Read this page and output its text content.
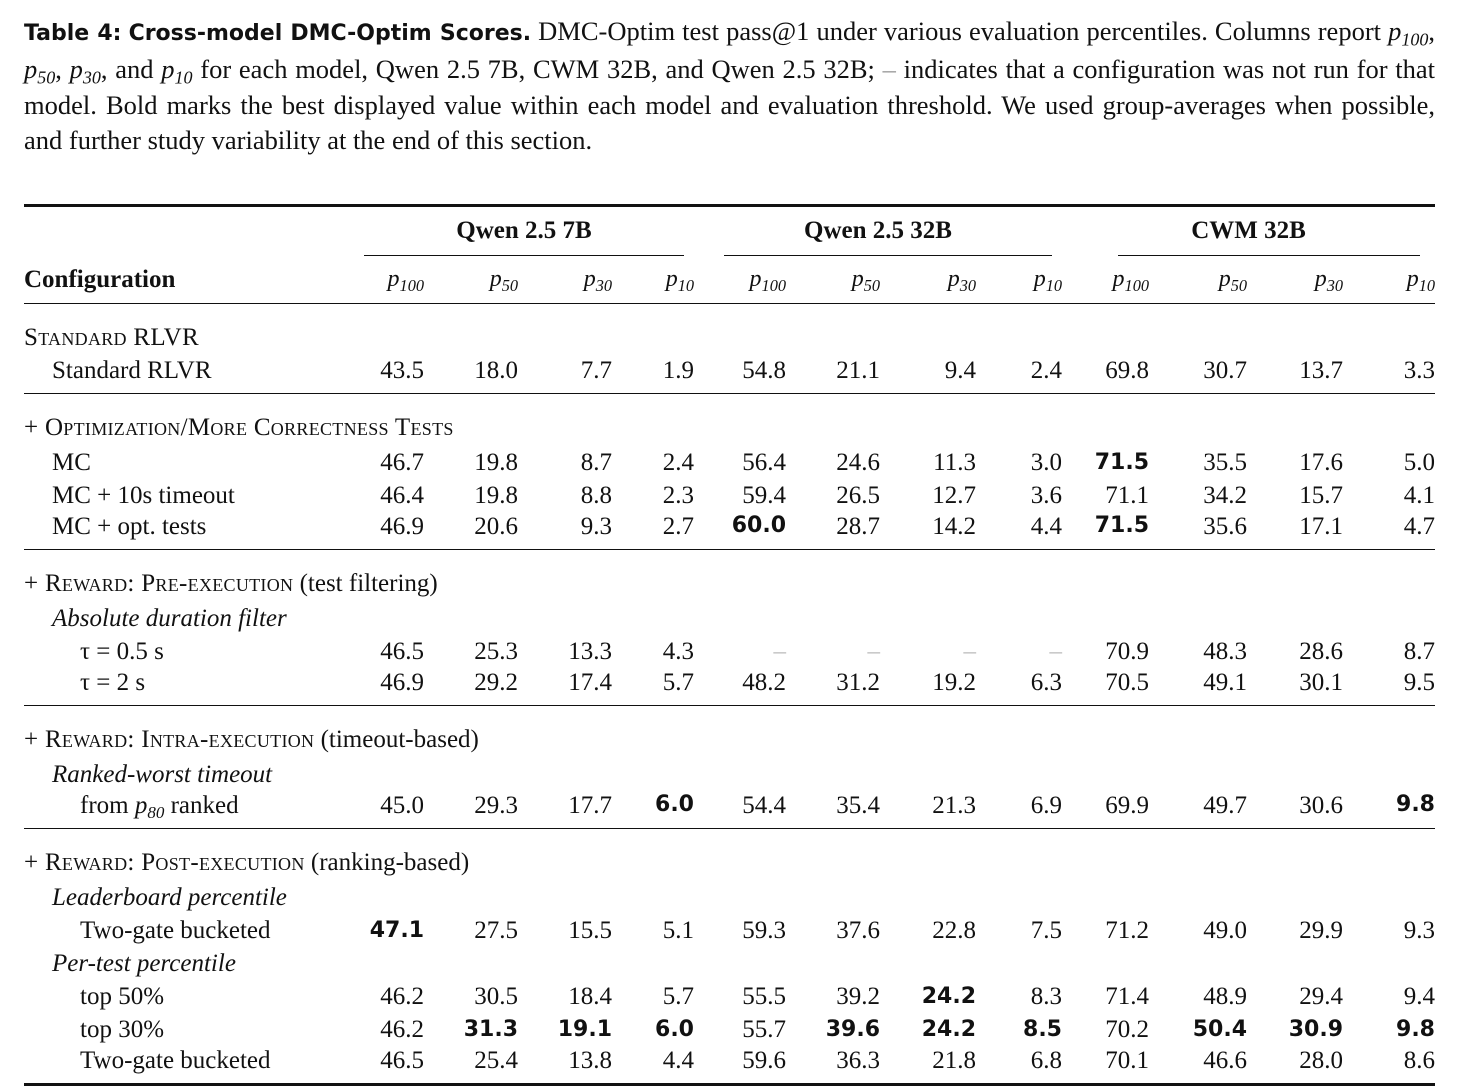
Table 4: Cross-model DMC-Optim Scores. DMC-Optim test pass@1 under various evaluation percentiles. Columns report $p_{100}$, $p_{50}$, $p_{30}$, and $p_{10}$ for each model, Qwen 2.5 7B, CWM 32B, and Qwen 2.5 32B; – indicates that a configuration was not run for that model. Bold marks the best displayed value within each model and evaluation threshold. We used group-averages when possible, and further study variability at the end of this section.

	Qwen 2.5 7B				Qwen 2.5 32B				CWM 32B			

Configuration	$p_{100}$	$p_{50}$	$p_{30}$	$p_{10}$	$p_{100}$	$p_{50}$	$p_{30}$	$p_{10}$	$p_{100}$	$p_{50}$	$p_{30}$	$p_{10}$

Standard RLVR												
Standard RLVR	43.5	18.0	7.7	1.9	54.8	21.1	9.4	2.4	69.8	30.7	13.7	3.3

+ Optimization/More Correctness Tests												
MC	46.7	19.8	8.7	2.4	56.4	24.6	11.3	3.0	71.5	35.5	17.6	5.0
MC + 10s timeout	46.4	19.8	8.8	2.3	59.4	26.5	12.7	3.6	71.1	34.2	15.7	4.1
MC + opt. tests	46.9	20.6	9.3	2.7	60.0	28.7	14.2	4.4	71.5	35.6	17.1	4.7

+ Reward: Pre-execution (test filtering)												
Absolute duration filter												
τ = 0.5 s	46.5	25.3	13.3	4.3	–	–	–	–	70.9	48.3	28.6	8.7
τ = 2 s	46.9	29.2	17.4	5.7	48.2	31.2	19.2	6.3	70.5	49.1	30.1	9.5

+ Reward: Intra-execution (timeout-based)												
Ranked-worst timeout												
from $p_{80}$ ranked	45.0	29.3	17.7	6.0	54.4	35.4	21.3	6.9	69.9	49.7	30.6	9.8

+ Reward: Post-execution (ranking-based)												
Leaderboard percentile												
Two-gate bucketed	47.1	27.5	15.5	5.1	59.3	37.6	22.8	7.5	71.2	49.0	29.9	9.3
Per-test percentile												
top 50%	46.2	30.5	18.4	5.7	55.5	39.2	24.2	8.3	71.4	48.9	29.4	9.4
top 30%	46.2	31.3	19.1	6.0	55.7	39.6	24.2	8.5	70.2	50.4	30.9	9.8
Two-gate bucketed	46.5	25.4	13.8	4.4	59.6	36.3	21.8	6.8	70.1	46.6	28.0	8.6
